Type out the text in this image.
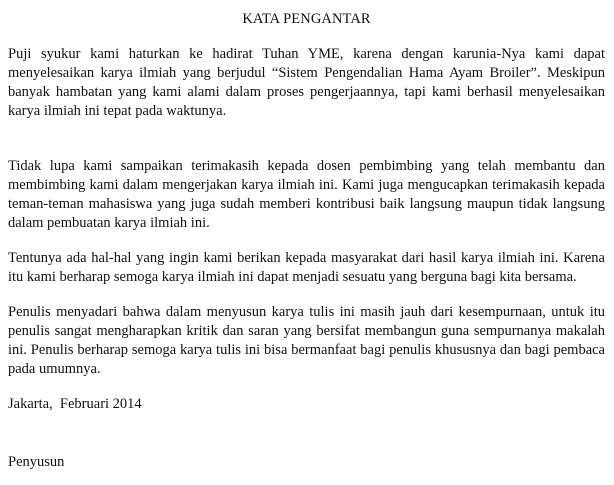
KATA PENGANTAR

Puji syukur kami haturkan ke hadirat Tuhan YME, karena dengan karunia-Nya kami dapat menyelesaikan karya ilmiah yang berjudul “Sistem Pengendalian Hama Ayam Broiler”. Meskipun banyak hambatan yang kami alami dalam proses pengerjaannya, tapi kami berhasil menyelesaikan karya ilmiah ini tepat pada waktunya.

Tidak lupa kami sampaikan terimakasih kepada dosen pembimbing yang telah membantu dan membimbing kami dalam mengerjakan karya ilmiah ini. Kami juga mengucapkan terimakasih kepada teman-teman mahasiswa yang juga sudah memberi kontribusi baik langsung maupun tidak langsung dalam pembuatan karya ilmiah ini.

Tentunya ada hal-hal yang ingin kami berikan kepada masyarakat dari hasil karya ilmiah ini. Karena itu kami berharap semoga karya ilmiah ini dapat menjadi sesuatu yang berguna bagi kita bersama.

Penulis menyadari bahwa dalam menyusun karya tulis ini masih jauh dari kesempurnaan, untuk itu penulis sangat mengharapkan kritik dan saran yang bersifat membangun guna sempurnanya makalah ini. Penulis berharap semoga karya tulis ini bisa bermanfaat bagi penulis khususnya dan bagi pembaca pada umumnya.

Jakarta,  Februari 2014

Penyusun
